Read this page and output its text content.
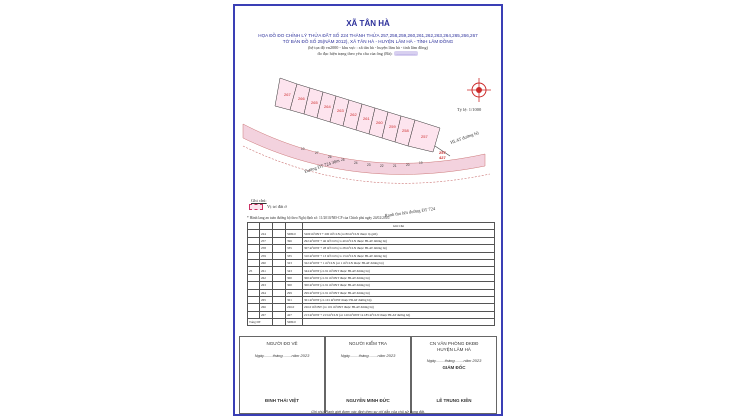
XÃ TÂN HÀ
HỌA ĐỒ ĐO CHỈNH LÝ THỬA ĐẤT SỐ 224 THÀNH THỬA 257,258,259,260,261,262,263,264,265,266,267
TỜ BẢN ĐỒ SỐ 25(NĂM 2012), XÃ TÂN HÀ - HUYỆN LÂM HÀ - TỈNH LÂM ĐỒNG
(hệ tọa độ vn2000 - khu vực : xã tân hà - huyện lâm hà - tỉnh lâm đồng)
đo đạc hiện trạng theo yêu cầu của ông (Bà): ....................
267
266
265
264
263
262
261
260
259
258
257
10
27
26
25
24	23	22	21	20	19
257
427
Đường ĐT 724 30m
HLAT đường bộ
Ranh thu hồi đường ĐT 724
Tỷ lệ: 1/1000
Ghi chú:
Vị trí đất ở
* Hành lang an toàn đường bộ theo Nghị định số: 11/2010/NĐ-CP của Chính phủ ngày 24/02/2010.
				Ghi Chú
	224		5680.0	5200 m²ONT + 200 m²CLN (có 80 m²CLN thuộc lộ giới)
	257		396	292 m²ONT + 46 m²CLN (có 40 m²CLN thuộc HLAT đường bộ)
	258		335	307 m²ONT + 28 m²CLN (có 28 m²CLN thuộc HLAT đường bộ)
	259		335	310 m²ONT + 13 m²CLN (có 13 m²CLN thuộc HLAT đường bộ)
	260		323	322 m²ONT + 1 m²CLN (có 1 m²CLN thuộc HLAT đường bộ)
25	261		343	344 m²ONT (có 91 m²ONT thuộc HLAT đường bộ)
	262		300	300 m²ONT (có 91 m²ONT thuộc HLAT đường bộ)
	263		300	300 m²ONT (có 91 m²ONT thuộc HLAT đường bộ)
	264		299	299 m²ONT (có 91 m²ONT thuộc HLAT đường bộ)
	265		301	301 m²ONT (có 101 m²ONT thuộc HLAT đường bộ)
	266		226.0	226.0 m²ONT (có 101 m²ONT thuộc HLAT đường bộ)
	267		427	213 m²ONT + 213 m²CLN (có 120 m²ONT và 185 m²CLN thuộc HLAT đường bộ)
Tổng DT			5680.0	
NGƯỜI ĐO VẼ
Ngày........tháng........năm 2023
ĐINH THÁI VIỆT
NGƯỜI KIỂM TRA
Ngày........tháng........năm 2023
NGUYỄN MINH ĐỨC
CN VĂN PHÒNG ĐKĐĐ
HUYỆN LÂM HÀ
Ngày........tháng........năm 2023
GIÁM ĐỐC
LÊ TRUNG KIÊN
Ghi chú: Ranh giới được xác định theo sự chỉ dẫn của chủ sử dụng đất.
